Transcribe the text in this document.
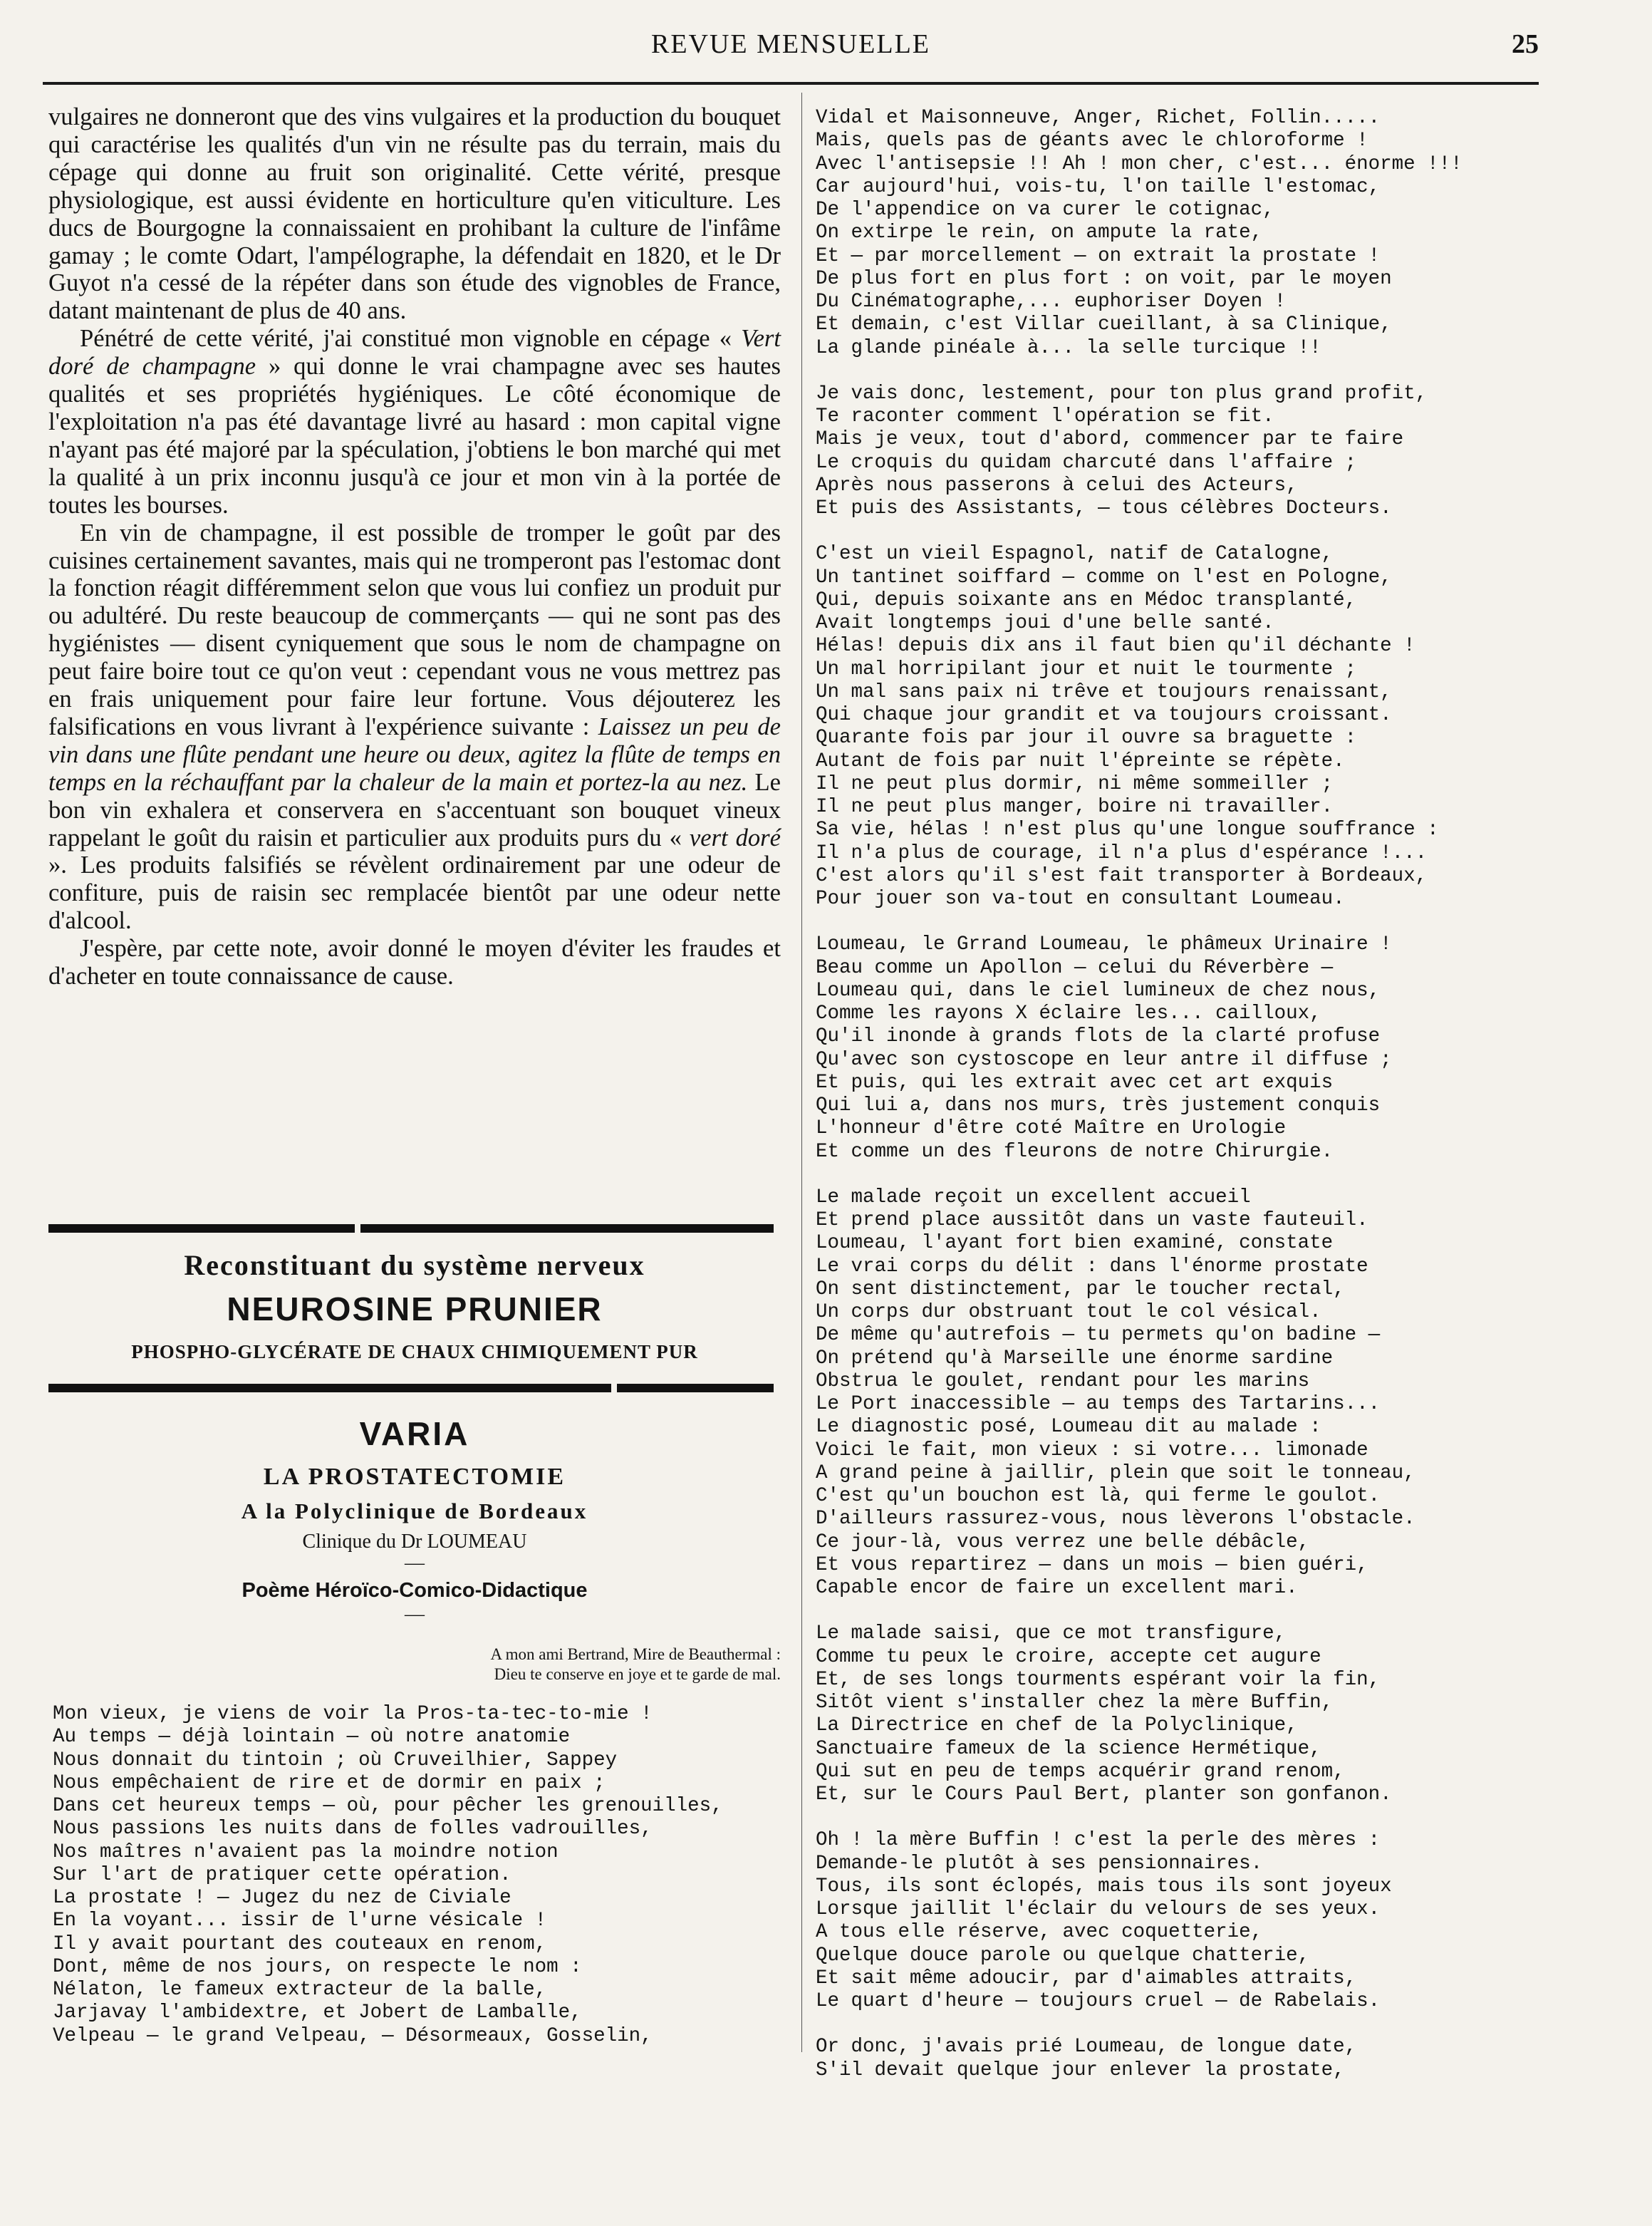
REVUE MENSUELLE	25

vulgaires ne donneront que des vins vulgaires et la production du bouquet qui caractérise les qualités d'un vin ne résulte pas du terrain, mais du cépage qui donne au fruit son originalité. Cette vérité, presque physiologique, est aussi évidente en horticulture qu'en viticulture. Les ducs de Bourgogne la connaissaient en prohibant la culture de l'infâme gamay ; le comte Odart, l'ampélographe, la défendait en 1820, et le Dr Guyot n'a cessé de la répéter dans son étude des vignobles de France, datant maintenant de plus de 40 ans.

Pénétré de cette vérité, j'ai constitué mon vignoble en cépage « Vert doré de champagne » qui donne le vrai champagne avec ses hautes qualités et ses propriétés hygiéniques. Le côté économique de l'exploitation n'a pas été davantage livré au hasard : mon capital vigne n'ayant pas été majoré par la spéculation, j'obtiens le bon marché qui met la qualité à un prix inconnu jusqu'à ce jour et mon vin à la portée de toutes les bourses.

En vin de champagne, il est possible de tromper le goût par des cuisines certainement savantes, mais qui ne tromperont pas l'estomac dont la fonction réagit différemment selon que vous lui confiez un produit pur ou adultéré. Du reste beaucoup de commerçants — qui ne sont pas des hygiénistes — disent cyniquement que sous le nom de champagne on peut faire boire tout ce qu'on veut : cependant vous ne vous mettrez pas en frais uniquement pour faire leur fortune. Vous déjouterez les falsifications en vous livrant à l'expérience suivante : Laissez un peu de vin dans une flûte pendant une heure ou deux, agitez la flûte de temps en temps en la réchauffant par la chaleur de la main et portez-la au nez. Le bon vin exhalera et conservera en s'accentuant son bouquet vineux rappelant le goût du raisin et particulier aux produits purs du « vert doré ». Les produits falsifiés se révèlent ordinairement par une odeur de confiture, puis de raisin sec remplacée bientôt par une odeur nette d'alcool.

J'espère, par cette note, avoir donné le moyen d'éviter les fraudes et d'acheter en toute connaissance de cause.

Reconstituant du système nerveux
NEUROSINE PRUNIER
PHOSPHO-GLYCÉRATE DE CHAUX CHIMIQUEMENT PUR
VARIA
LA PROSTATECTOMIE
A la Polyclinique de Bordeaux
Clinique du Dr LOUMEAU
—
Poème Héroïco-Comico-Didactique
—
A mon ami Bertrand, Mire de Beauthermal :
Dieu te conserve en joye et te garde de mal.
Mon vieux, je viens de voir la Pros-ta-tec-to-mie !
Au temps — déjà lointain — où notre anatomie
Nous donnait du tintoin ; où Cruveilhier, Sappey
Nous empêchaient de rire et de dormir en paix ;
Dans cet heureux temps — où, pour pêcher les grenouilles,
Nous passions les nuits dans de folles vadrouilles,
Nos maîtres n'avaient pas la moindre notion
Sur l'art de pratiquer cette opération.
La prostate ! — Jugez du nez de Civiale
En la voyant... issir de l'urne vésicale !
Il y avait pourtant des couteaux en renom,
Dont, même de nos jours, on respecte le nom :
Nélaton, le fameux extracteur de la balle,
Jarjavay l'ambidextre, et Jobert de Lamballe,
Velpeau — le grand Velpeau, — Désormeaux, Gosselin,
Vidal et Maisonneuve, Anger, Richet, Follin.....
Mais, quels pas de géants avec le chloroforme !
Avec l'antisepsie !! Ah ! mon cher, c'est... énorme !!!
Car aujourd'hui, vois-tu, l'on taille l'estomac,
De l'appendice on va curer le cotignac,
On extirpe le rein, on ampute la rate,
Et — par morcellement — on extrait la prostate !
De plus fort en plus fort : on voit, par le moyen
Du Cinématographe,... euphoriser Doyen !
Et demain, c'est Villar cueillant, à sa Clinique,
La glande pinéale à... la selle turcique !!
Je vais donc, lestement, pour ton plus grand profit,
Te raconter comment l'opération se fit.
Mais je veux, tout d'abord, commencer par te faire
Le croquis du quidam charcuté dans l'affaire ;
Après nous passerons à celui des Acteurs,
Et puis des Assistants, — tous célèbres Docteurs.
C'est un vieil Espagnol, natif de Catalogne,
Un tantinet soiffard — comme on l'est en Pologne,
Qui, depuis soixante ans en Médoc transplanté,
Avait longtemps joui d'une belle santé.
Hélas! depuis dix ans il faut bien qu'il déchante !
Un mal horripilant jour et nuit le tourmente ;
Un mal sans paix ni trêve et toujours renaissant,
Qui chaque jour grandit et va toujours croissant.
Quarante fois par jour il ouvre sa braguette :
Autant de fois par nuit l'épreinte se répète.
Il ne peut plus dormir, ni même sommeiller ;
Il ne peut plus manger, boire ni travailler.
Sa vie, hélas ! n'est plus qu'une longue souffrance :
Il n'a plus de courage, il n'a plus d'espérance !...
C'est alors qu'il s'est fait transporter à Bordeaux,
Pour jouer son va-tout en consultant Loumeau.
Loumeau, le Grrand Loumeau, le phâmeux Urinaire !
Beau comme un Apollon — celui du Réverbère —
Loumeau qui, dans le ciel lumineux de chez nous,
Comme les rayons X éclaire les... cailloux,
Qu'il inonde à grands flots de la clarté profuse
Qu'avec son cystoscope en leur antre il diffuse ;
Et puis, qui les extrait avec cet art exquis
Qui lui a, dans nos murs, très justement conquis
L'honneur d'être coté Maître en Urologie
Et comme un des fleurons de notre Chirurgie.
Le malade reçoit un excellent accueil
Et prend place aussitôt dans un vaste fauteuil.
Loumeau, l'ayant fort bien examiné, constate
Le vrai corps du délit : dans l'énorme prostate
On sent distinctement, par le toucher rectal,
Un corps dur obstruant tout le col vésical.
De même qu'autrefois — tu permets qu'on badine —
On prétend qu'à Marseille une énorme sardine
Obstrua le goulet, rendant pour les marins
Le Port inaccessible — au temps des Tartarins...
Le diagnostic posé, Loumeau dit au malade :
Voici le fait, mon vieux : si votre... limonade
A grand peine à jaillir, plein que soit le tonneau,
C'est qu'un bouchon est là, qui ferme le goulot.
D'ailleurs rassurez-vous, nous lèverons l'obstacle.
Ce jour-là, vous verrez une belle débâcle,
Et vous repartirez — dans un mois — bien guéri,
Capable encor de faire un excellent mari.
Le malade saisi, que ce mot transfigure,
Comme tu peux le croire, accepte cet augure
Et, de ses longs tourments espérant voir la fin,
Sitôt vient s'installer chez la mère Buffin,
La Directrice en chef de la Polyclinique,
Sanctuaire fameux de la science Hermétique,
Qui sut en peu de temps acquérir grand renom,
Et, sur le Cours Paul Bert, planter son gonfanon.
Oh ! la mère Buffin ! c'est la perle des mères :
Demande-le plutôt à ses pensionnaires.
Tous, ils sont éclopés, mais tous ils sont joyeux
Lorsque jaillit l'éclair du velours de ses yeux.
A tous elle réserve, avec coquetterie,
Quelque douce parole ou quelque chatterie,
Et sait même adoucir, par d'aimables attraits,
Le quart d'heure — toujours cruel — de Rabelais.
Or donc, j'avais prié Loumeau, de longue date,
S'il devait quelque jour enlever la prostate,
